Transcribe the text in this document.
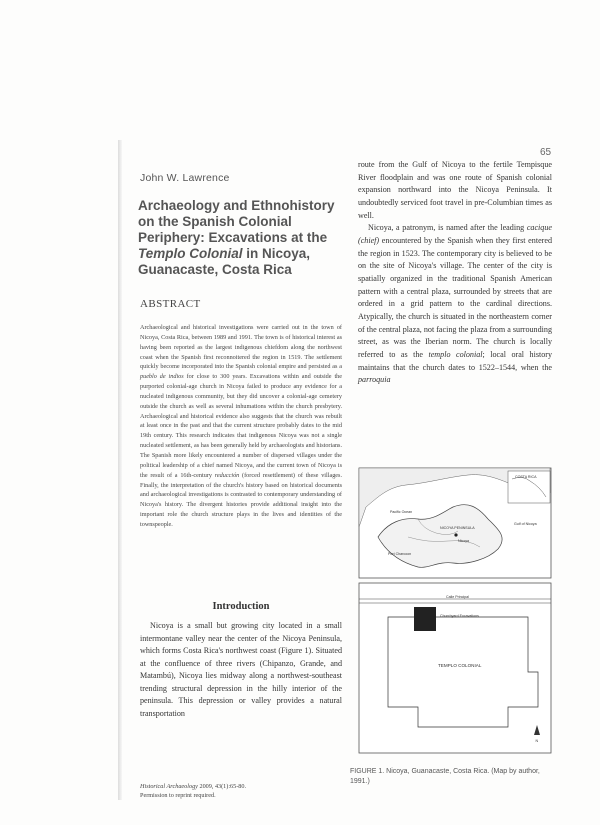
65
John W. Lawrence
Archaeology and Ethnohistory on the Spanish Colonial Periphery: Excavations at the Templo Colonial in Nicoya, Guanacaste, Costa Rica
ABSTRACT
Archaeological and historical investigations were carried out in the town of Nicoya, Costa Rica, between 1989 and 1991. The town is of historical interest as having been reported as the largest indigenous chiefdom along the northwest coast when the Spanish first reconnoitered the region in 1519. The settlement quickly become incorporated into the Spanish colonial empire and persisted as a pueblo de indios for close to 300 years. Excavations within and outside the purported colonial-age church in Nicoya failed to produce any evidence for a nucleated indigenous community, but they did uncover a colonial-age cemetery outside the church as well as several inhumations within the church presbytery. Archaeological and historical evidence also suggests that the church was rebuilt at least once in the past and that the current structure probably dates to the mid 19th century. This research indicates that indigenous Nicoya was not a single nucleated settlement, as has been generally held by archaeologists and historians. The Spanish more likely encountered a number of dispersed villages under the political leadership of a chief named Nicoya, and the current town of Nicoya is the result of a 16th-century reducción (forced resettlement) of these villages. Finally, the interpretation of the church's history based on historical documents and archaeological investigations is contrasted to contemporary understanding of Nicoya's history. The divergent histories provide additional insight into the important role the church structure plays in the lives and identities of the townspeople.
Introduction
Nicoya is a small but growing city located in a small intermontane valley near the center of the Nicoya Peninsula, which forms Costa Rica's northwest coast (Figure 1). Situated at the confluence of three rivers (Chipanzo, Grande, and Matambú), Nicoya lies midway along a northwest-southeast trending structural depression in the hilly interior of the peninsula. This depression or valley provides a natural transportation
Historical Archaeology 2009, 43(1):65-80.
Permission to reprint required.
route from the Gulf of Nicoya to the fertile Tempisque River floodplain and was one route of Spanish colonial expansion northward into the Nicoya Peninsula. It undoubtedly serviced foot travel in pre-Columbian times as well.
Nicoya, a patronym, is named after the leading cacique (chief) encountered by the Spanish when they first entered the region in 1523. The contemporary city is believed to be on the site of Nicoya's village. The center of the city is spatially organized in the traditional Spanish American pattern with a central plaza, surrounded by streets that are ordered in a grid pattern to the cardinal directions. Atypically, the church is situated in the northeastern corner of the central plaza, not facing the plaza from a surrounding street, as was the Iberian norm. The church is locally referred to as the templo colonial; local oral history maintains that the church dates to 1522–1544, when the parroquia
COSTA RICA
Pacific Ocean
Gulf of Nicoya
NICOYA PENINSULA
Nicoya
Port Charcoon
Calle Principal
Churchyard Excavations
TEMPLO COLONIAL
N
FIGURE 1. Nicoya, Guanacaste, Costa Rica. (Map by author, 1991.)
